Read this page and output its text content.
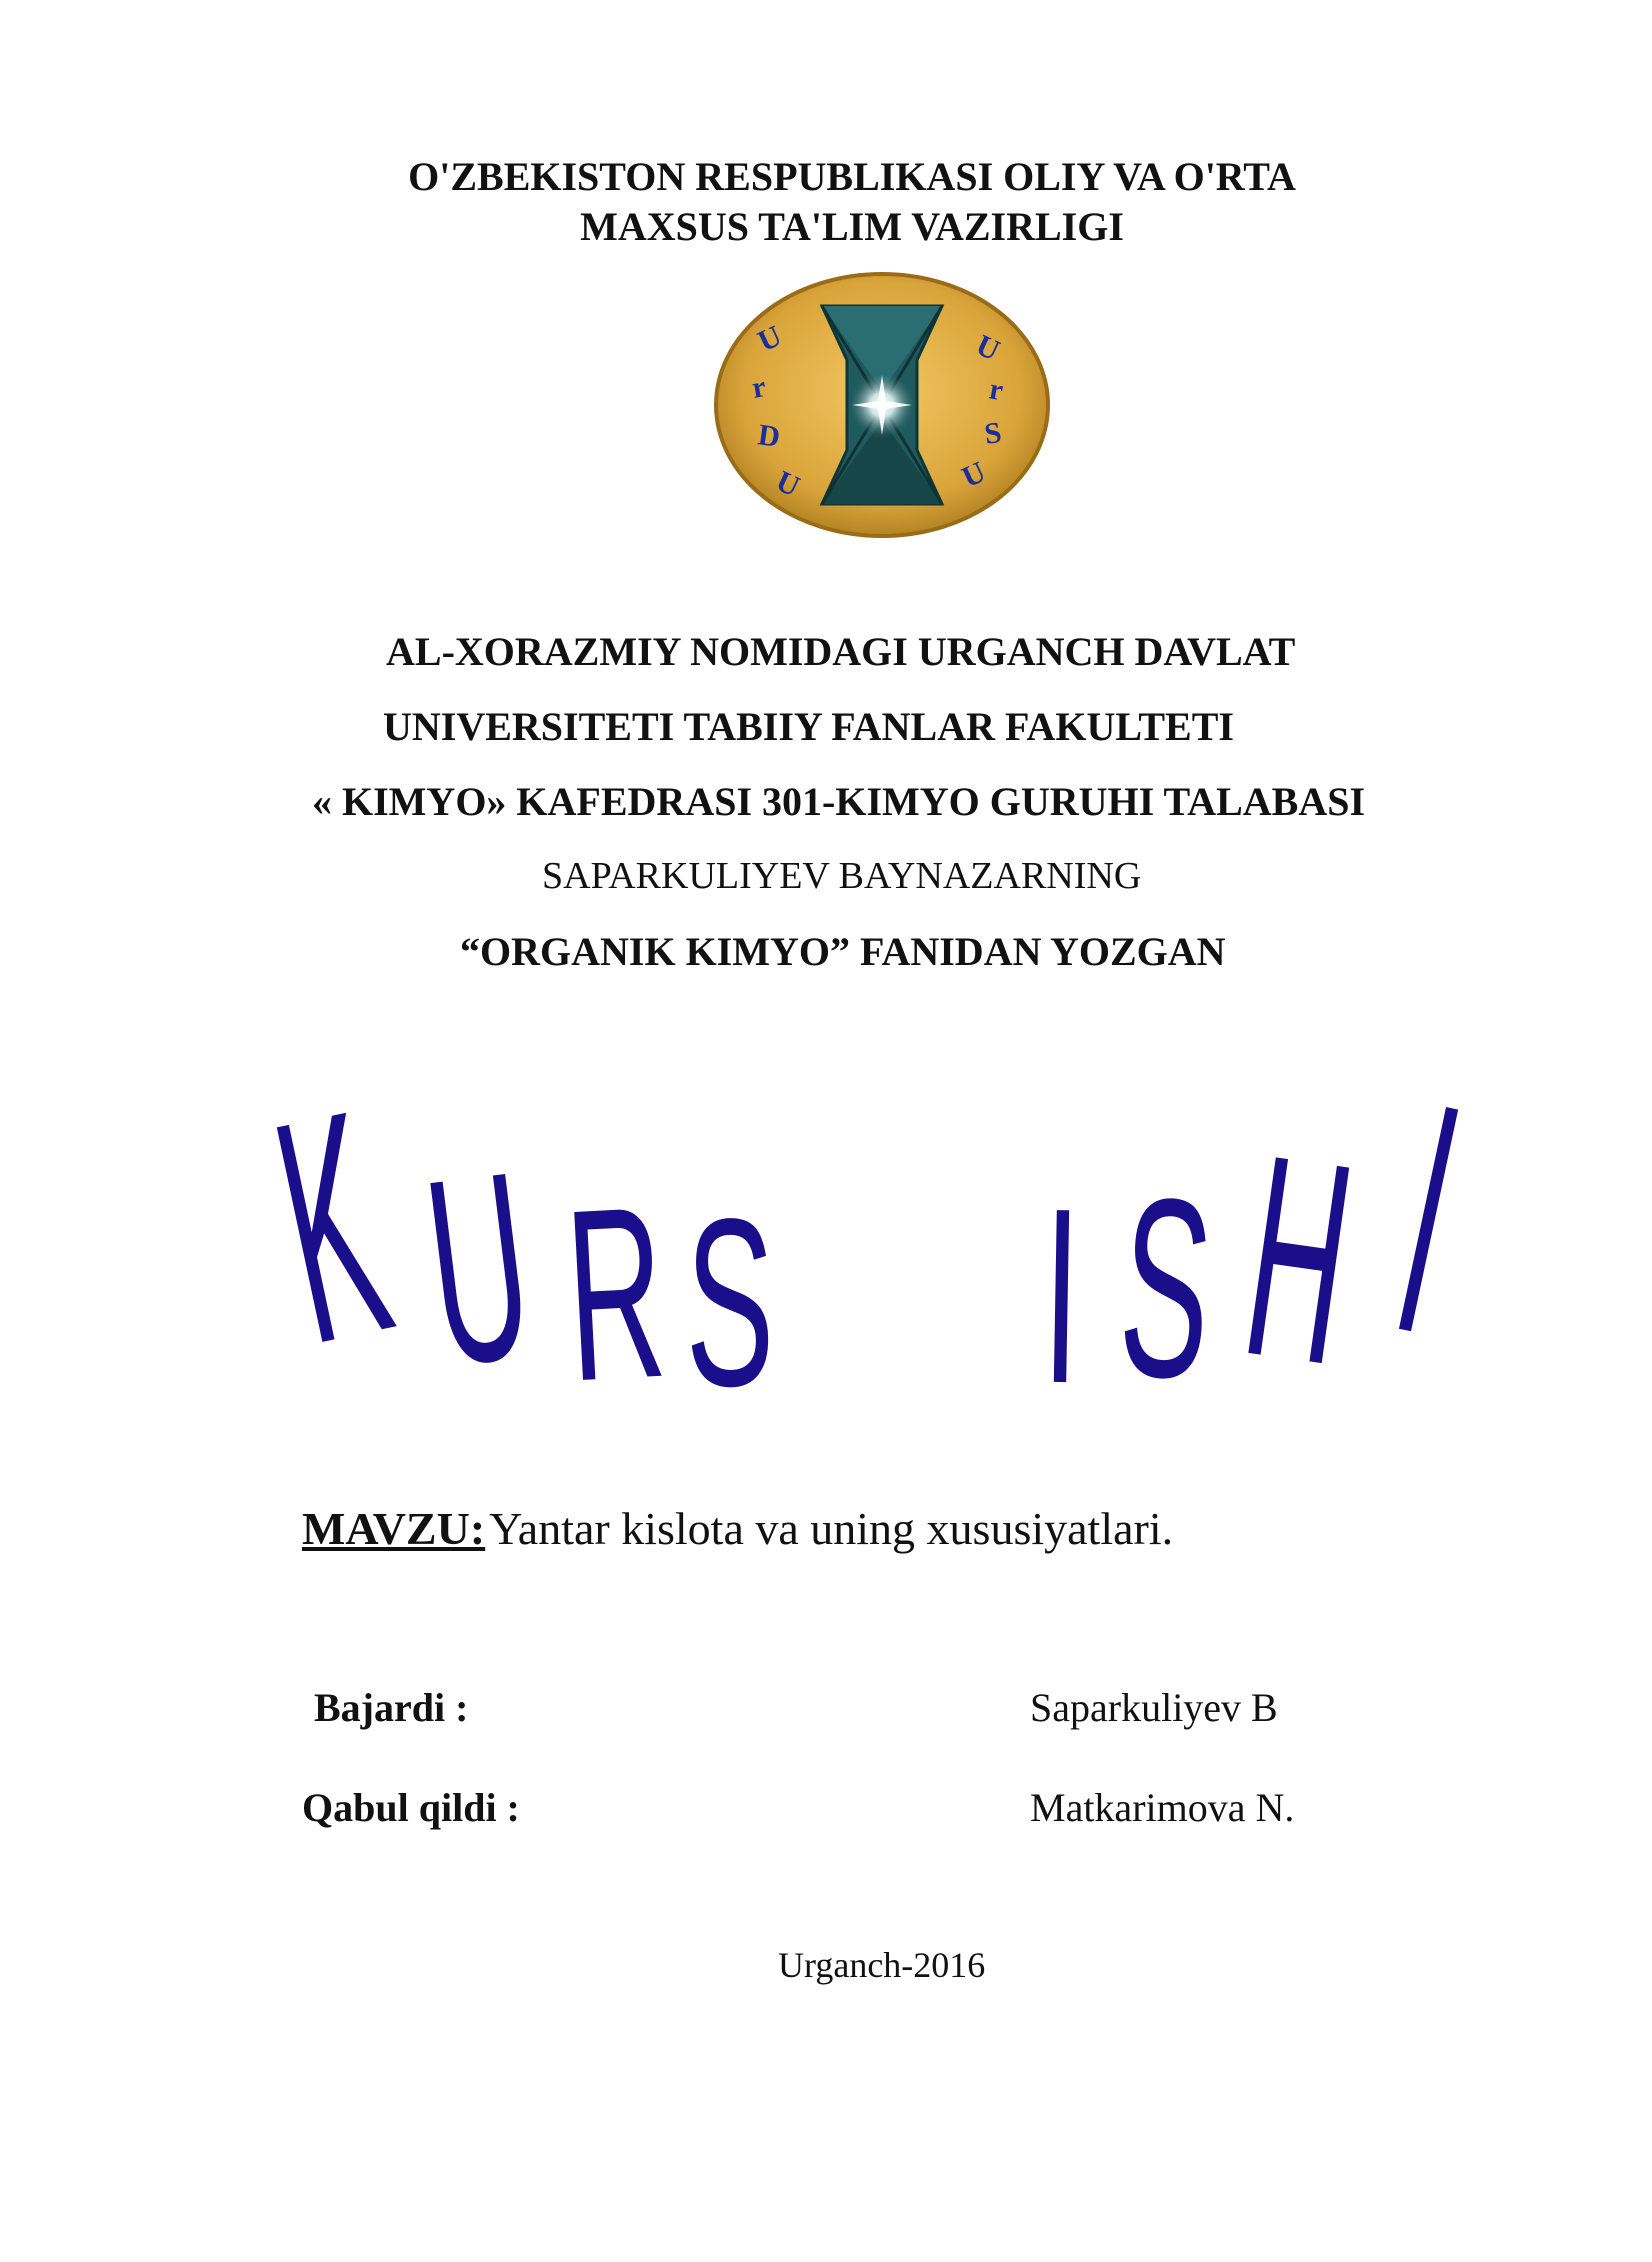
O'ZBEKISTON RESPUBLIKASI OLIY VA O'RTA
MAXSUS TA'LIM VAZIRLIGI
U
r
D
U
U
r
S
U
AL-XORAZMIY NOMIDAGI URGANCH DAVLAT
UNIVERSITETI TABIIY FANLAR FAKULTETI
« KIMYO» KAFEDRASI 301-KIMYO GURUHI TALABASI
SAPARKULIYEV BAYNAZARNING
“ORGANIK KIMYO” FANIDAN YOZGAN
K U R S I S H I
MAVZU: Yantar kislota va uning xususiyatlari.
Bajardi :	Saparkuliyev B
Qabul qildi :	Matkarimova N.
Urganch-2016
